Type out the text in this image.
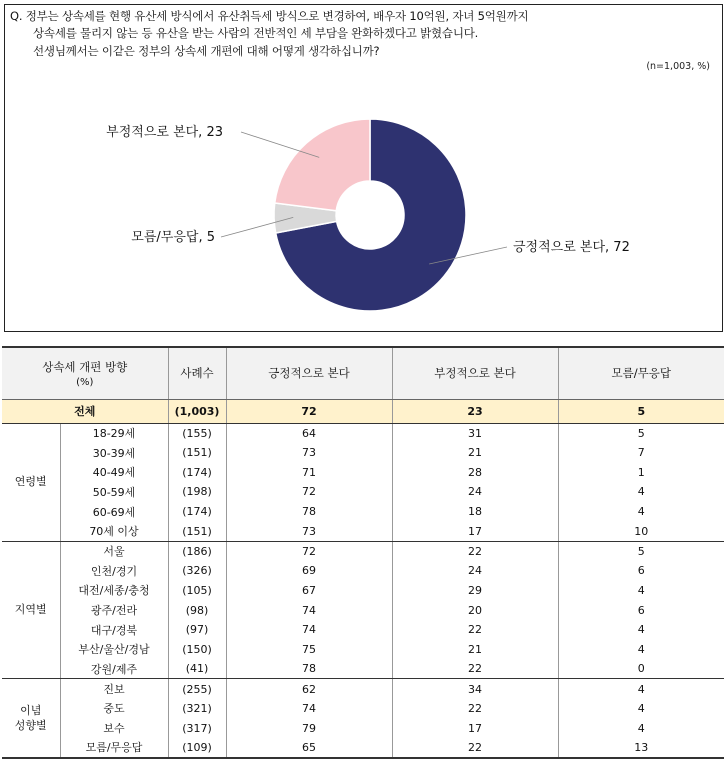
Q. 정부는 상속세를 현행 유산세 방식에서 유산취득세 방식으로 변경하여, 배우자 10억원, 자녀 5억원까지
상속세를 물리지 않는 등 유산을 받는 사람의 전반적인 세 부담을 완화하겠다고 밝혔습니다.
선생님께서는 이같은 정부의 상속세 개편에 대해 어떻게 생각하십니까?
(n=1,003, %)
긍정적으로 본다, 72
모름/무응답, 5
부정적으로 본다, 23
상속세 개편 방향
(%)		사례수	긍정적으로 본다	부정적으로 본다	모름/무응답
전체		(1,003)	72	23	5
연령별	18-29세	(155)	64	31	5
	30-39세	(151)	73	21	7
	40-49세	(174)	71	28	1
	50-59세	(198)	72	24	4
	60-69세	(174)	78	18	4
	70세 이상	(151)	73	17	10
지역별	서울	(186)	72	22	5
	인천/경기	(326)	69	24	6
	대전/세종/충청	(105)	67	29	4
	광주/전라	(98)	74	20	6
	대구/경북	(97)	74	22	4
	부산/울산/경남	(150)	75	21	4
	강원/제주	(41)	78	22	0
이념
성향별	진보	(255)	62	34	4
	중도	(321)	74	22	4
	보수	(317)	79	17	4
	모름/무응답	(109)	65	22	13
